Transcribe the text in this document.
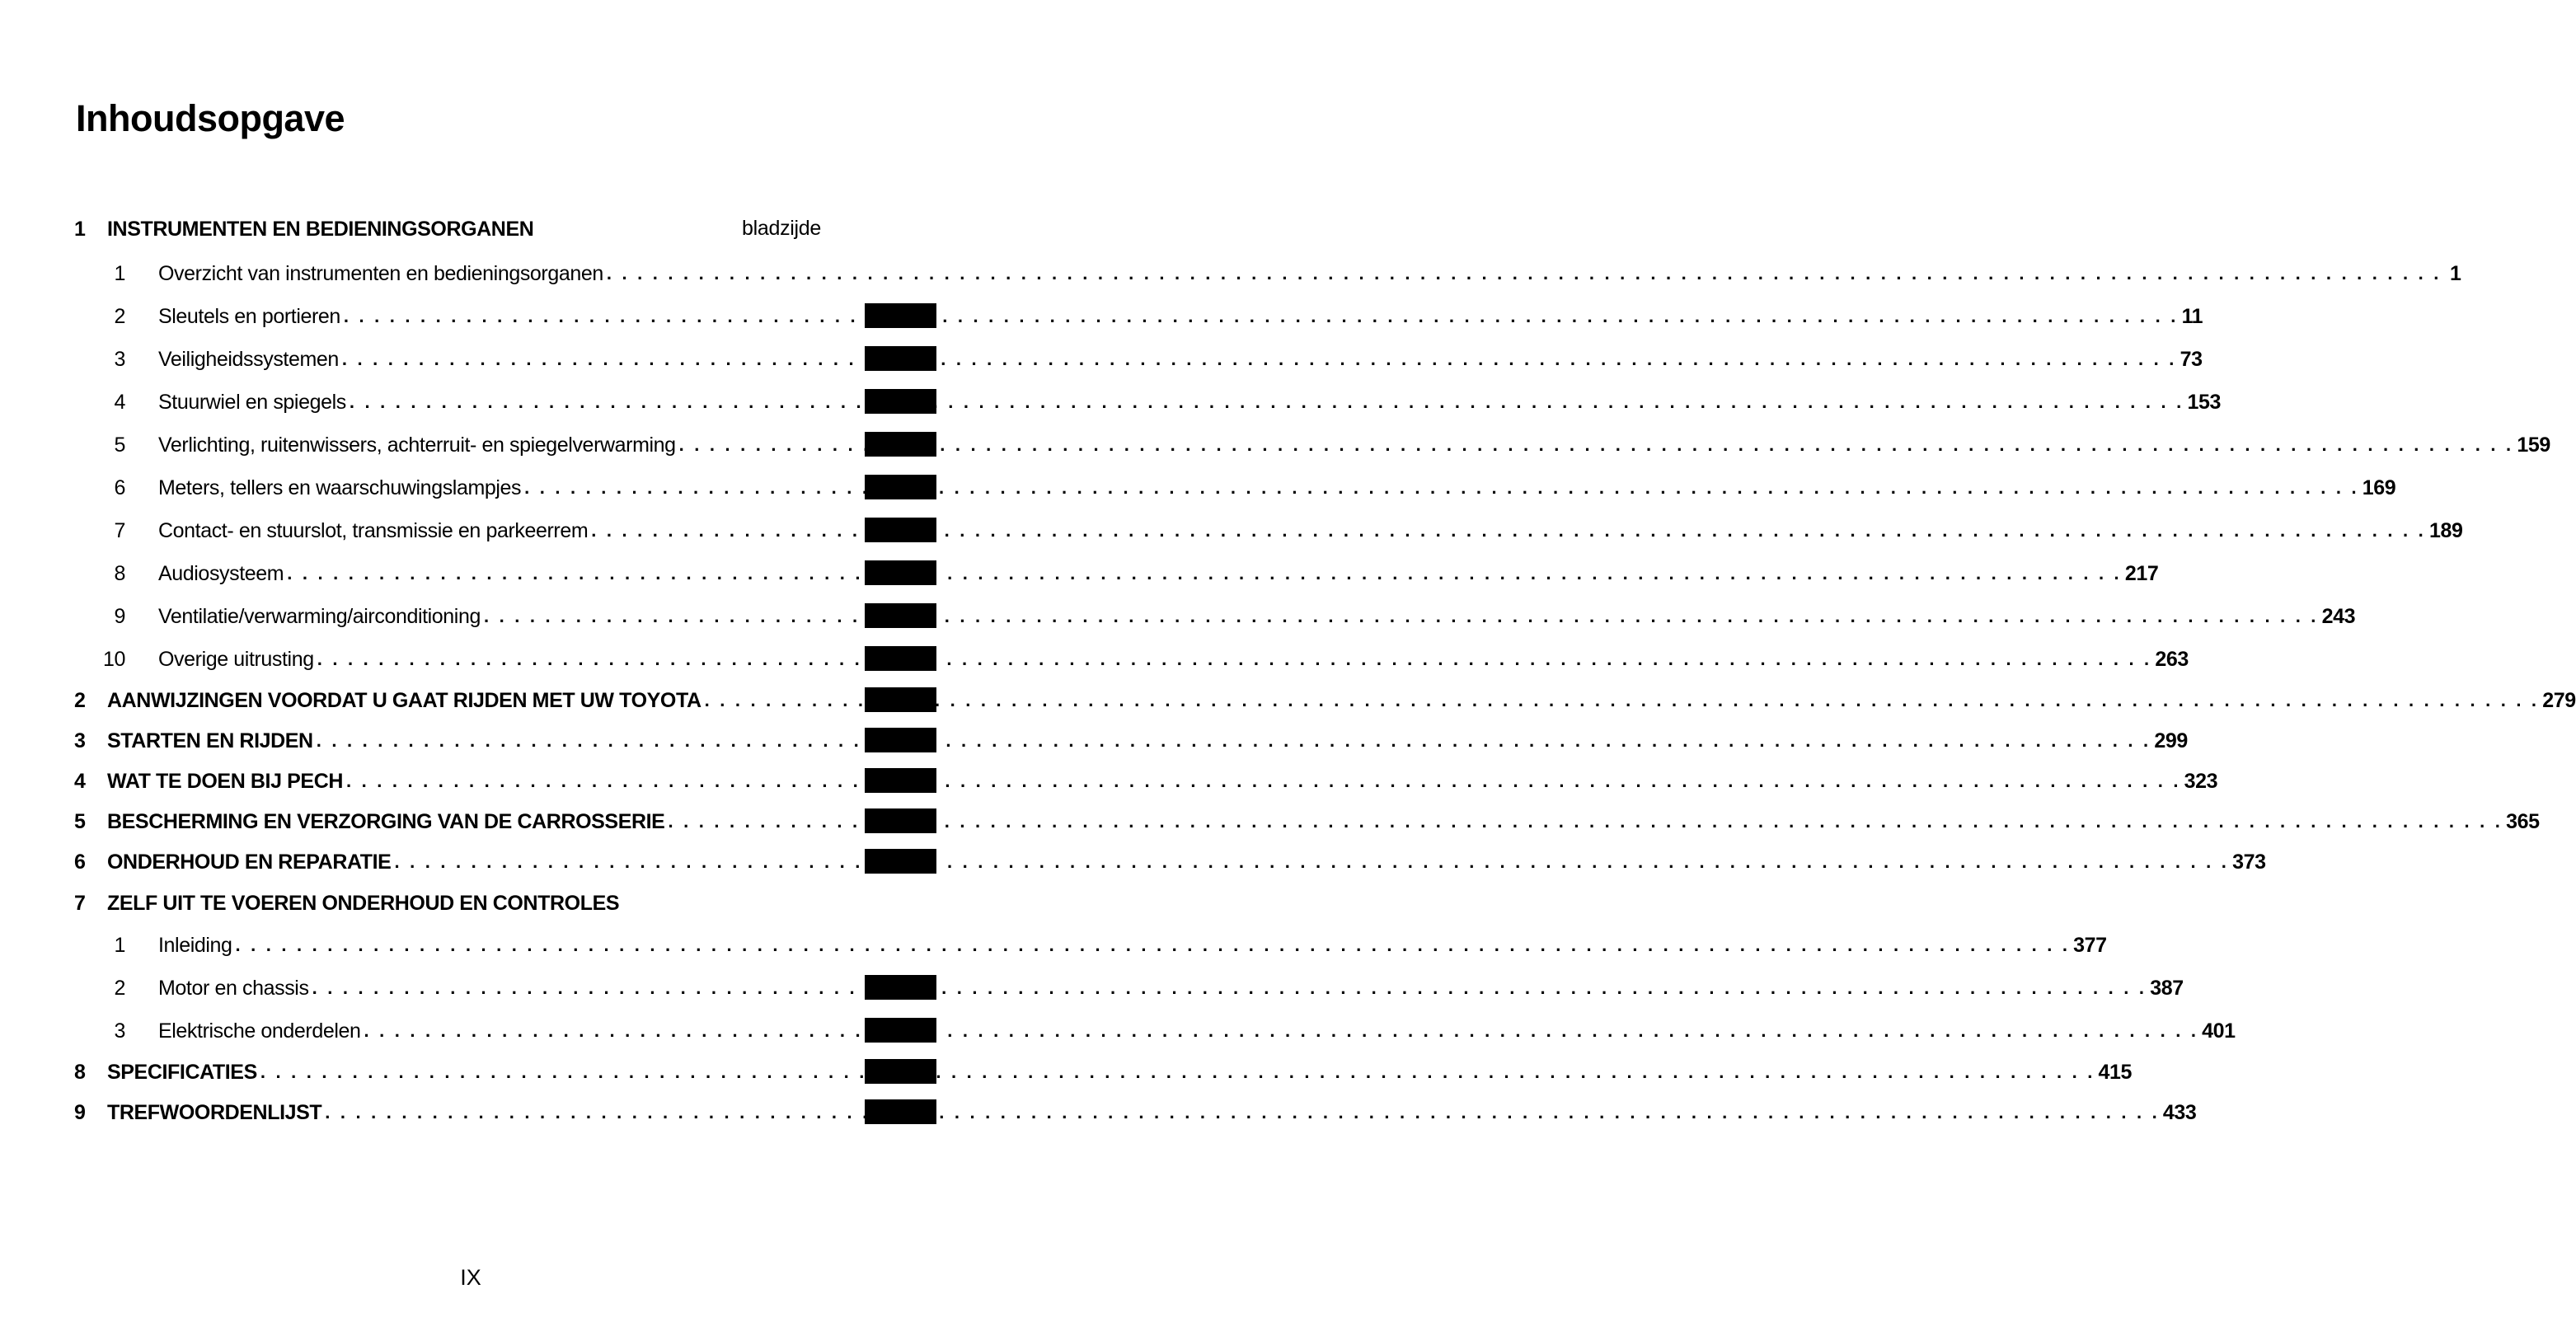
Inhoudsopgave
bladzijde
1 INSTRUMENTEN EN BEDIENINGSORGANEN
1 Overzicht van instrumenten en bedieningsorganen . . . . . . . . . . . . . . . . . . . . . . . . . . . . . . . . . . . . . . . . . . . . . . . . . . . . . . . . . . . . . . . . . . . . . . . . . . . . . . . . . . . . . . . . . . . . . . . . . . . . . . . . . . . . . . . . . . . . . . . . 1
2 Sleutels en portieren . . . . . . . . . . . . . . . . . . . . . . . . . . . . . . . . . . . . . . . . . . . . . . . . . . . . . . . . . . . . . . . . . . . . . . . . . . . . . . . . . . . . . . . . . . . . . . . . . . . . . . . . . . . . . . . . . . . . . . . . 11
3 Veiligheidssystemen . . . . . . . . . . . . . . . . . . . . . . . . . . . . . . . . . . . . . . . . . . . . . . . . . . . . . . . . . . . . . . . . . . . . . . . . . . . . . . . . . . . . . . . . . . . . . . . . . . . . . . . . . . . . . . . . . . . . . . . . 73
4 Stuurwiel en spiegels . . . . . . . . . . . . . . . . . . . . . . . . . . . . . . . . . . . . . . . . . . . . . . . . . . . . . . . . . . . . . . . . . . . . . . . . . . . . . . . . . . . . . . . . . . . . . . . . . . . . . . . . . . . . . . . . . . . . . . . . 153
5 Verlichting, ruitenwissers, achterruit- en spiegelverwarming . . . . . . . . . . . . . . . . . . . . . . . . . . . . . . . . . . . . . . . . . . . . . . . . . . . . . . . . . . . . . . . . . . . . . . . . . . . . . . . . . . . . . . . . . . . . . . . . . . . . . . . . . . . . . . . . . . . . . . . . 159
6 Meters, tellers en waarschuwingslampjes . . . . . . . . . . . . . . . . . . . . . . . . . . . . . . . . . . . . . . . . . . . . . . . . . . . . . . . . . . . . . . . . . . . . . . . . . . . . . . . . . . . . . . . . . . . . . . . . . . . . . . . . . . . . . . . . . . . . . . . . 169
7 Contact- en stuurslot, transmissie en parkeerrem . . . . . . . . . . . . . . . . . . . . . . . . . . . . . . . . . . . . . . . . . . . . . . . . . . . . . . . . . . . . . . . . . . . . . . . . . . . . . . . . . . . . . . . . . . . . . . . . . . . . . . . . . . . . . . . . . . . . . . . . 189
8 Audiosysteem . . . . . . . . . . . . . . . . . . . . . . . . . . . . . . . . . . . . . . . . . . . . . . . . . . . . . . . . . . . . . . . . . . . . . . . . . . . . . . . . . . . . . . . . . . . . . . . . . . . . . . . . . . . . . . . . . . . . . . . . 217
9 Ventilatie/verwarming/airconditioning . . . . . . . . . . . . . . . . . . . . . . . . . . . . . . . . . . . . . . . . . . . . . . . . . . . . . . . . . . . . . . . . . . . . . . . . . . . . . . . . . . . . . . . . . . . . . . . . . . . . . . . . . . . . . . . . . . . . . . . . 243
10 Overige uitrusting . . . . . . . . . . . . . . . . . . . . . . . . . . . . . . . . . . . . . . . . . . . . . . . . . . . . . . . . . . . . . . . . . . . . . . . . . . . . . . . . . . . . . . . . . . . . . . . . . . . . . . . . . . . . . . . . . . . . . . . . 263
2 AANWIJZINGEN VOORDAT U GAAT RIJDEN MET UW TOYOTA . . . . . . . . . . . . . . . . . . . . . . . . . . . . . . . . . . . . . . . . . . . . . . . . . . . . . . . . . . . . . . . . . . . . . . . . . . . . . . . . . . . . . . . . . . . . . . . . . . . . . . . . . . . . . . . . . . . . . . . . 279
3 STARTEN EN RIJDEN . . . . . . . . . . . . . . . . . . . . . . . . . . . . . . . . . . . . . . . . . . . . . . . . . . . . . . . . . . . . . . . . . . . . . . . . . . . . . . . . . . . . . . . . . . . . . . . . . . . . . . . . . . . . . . . . . . . . . . . . 299
4 WAT TE DOEN BIJ PECH . . . . . . . . . . . . . . . . . . . . . . . . . . . . . . . . . . . . . . . . . . . . . . . . . . . . . . . . . . . . . . . . . . . . . . . . . . . . . . . . . . . . . . . . . . . . . . . . . . . . . . . . . . . . . . . . . . . . . . . . 323
5 BESCHERMING EN VERZORGING VAN DE CARROSSERIE . . . . . . . . . . . . . . . . . . . . . . . . . . . . . . . . . . . . . . . . . . . . . . . . . . . . . . . . . . . . . . . . . . . . . . . . . . . . . . . . . . . . . . . . . . . . . . . . . . . . . . . . . . . . . . . . . . . . . . . . 365
6 ONDERHOUD EN REPARATIE . . . . . . . . . . . . . . . . . . . . . . . . . . . . . . . . . . . . . . . . . . . . . . . . . . . . . . . . . . . . . . . . . . . . . . . . . . . . . . . . . . . . . . . . . . . . . . . . . . . . . . . . . . . . . . . . . . . . . . . . 373
7 ZELF UIT TE VOEREN ONDERHOUD EN CONTROLES
1 Inleiding . . . . . . . . . . . . . . . . . . . . . . . . . . . . . . . . . . . . . . . . . . . . . . . . . . . . . . . . . . . . . . . . . . . . . . . . . . . . . . . . . . . . . . . . . . . . . . . . . . . . . . . . . . . . . . . . . . . . . . . . 377
2 Motor en chassis . . . . . . . . . . . . . . . . . . . . . . . . . . . . . . . . . . . . . . . . . . . . . . . . . . . . . . . . . . . . . . . . . . . . . . . . . . . . . . . . . . . . . . . . . . . . . . . . . . . . . . . . . . . . . . . . . . . . . . . . 387
3 Elektrische onderdelen . . . . . . . . . . . . . . . . . . . . . . . . . . . . . . . . . . . . . . . . . . . . . . . . . . . . . . . . . . . . . . . . . . . . . . . . . . . . . . . . . . . . . . . . . . . . . . . . . . . . . . . . . . . . . . . . . . . . . . . . 401
8 SPECIFICATIES . . . . . . . . . . . . . . . . . . . . . . . . . . . . . . . . . . . . . . . . . . . . . . . . . . . . . . . . . . . . . . . . . . . . . . . . . . . . . . . . . . . . . . . . . . . . . . . . . . . . . . . . . . . . . . . . . . . . . . . . 415
9 TREFWOORDENLIJST . . . . . . . . . . . . . . . . . . . . . . . . . . . . . . . . . . . . . . . . . . . . . . . . . . . . . . . . . . . . . . . . . . . . . . . . . . . . . . . . . . . . . . . . . . . . . . . . . . . . . . . . . . . . . . . . . . . . . . . . 433
IX
